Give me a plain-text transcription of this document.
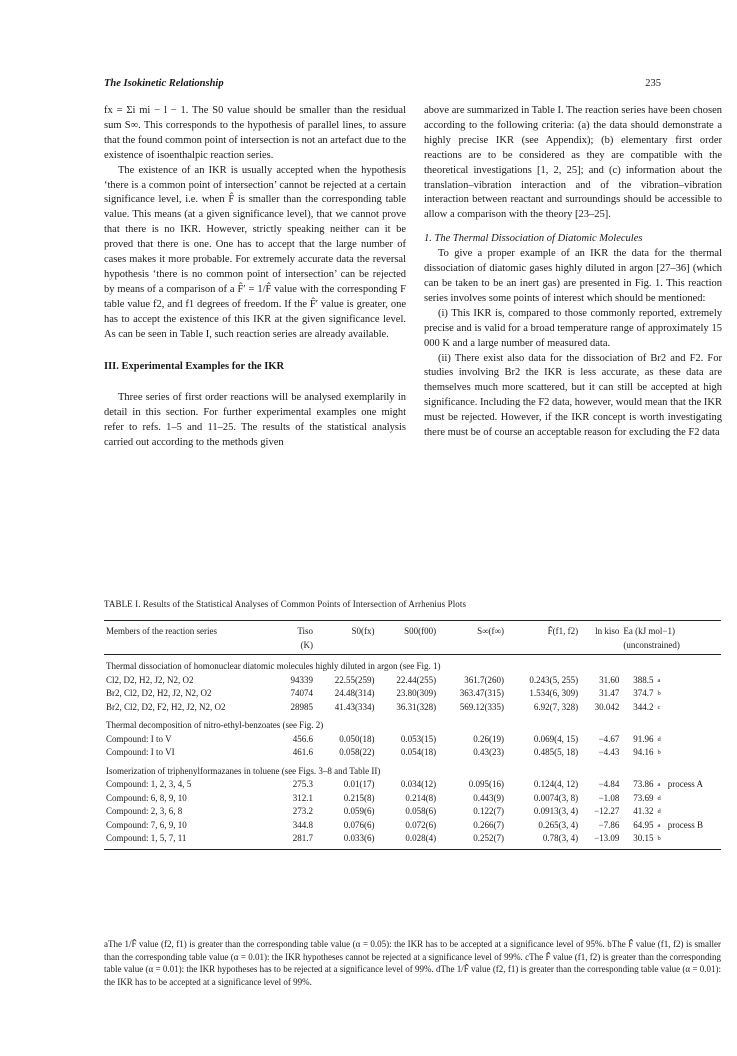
The Isokinetic Relationship	235

fx = Σi mi − l − 1. The S0 value should be smaller than the residual sum S∞. This corresponds to the hypothesis of parallel lines, to assure that the found common point of intersection is not an artefact due to the existence of isoenthalpic reaction series.

The existence of an IKR is usually accepted when the hypothesis ‘there is a common point of intersection’ cannot be rejected at a certain significance level, i.e. when F̂ is smaller than the corresponding table value. This means (at a given significance level), that we cannot prove that there is no IKR. However, strictly speaking neither can it be proved that there is one. One has to accept that the large number of cases makes it more probable. For extremely accurate data the reversal hypothesis ‘there is no common point of intersection’ can be rejected by means of a comparison of a F̂′ = 1/F̂ value with the corresponding F table value f2, and f1 degrees of freedom. If the F̂′ value is greater, one has to accept the existence of this IKR at the given significance level. As can be seen in Table I, such reaction series are already available.

III. Experimental Examples for the IKR

Three series of first order reactions will be analysed exemplarily in detail in this section. For further experimental examples one might refer to refs. 1–5 and 11–25. The results of the statistical analysis carried out according to the methods given

above are summarized in Table I. The reaction series have been chosen according to the following criteria: (a) the data should demonstrate a highly precise IKR (see Appendix); (b) elementary first order reactions are to be considered as they are compatible with the theoretical investigations [1, 2, 25]; and (c) information about the translation–vibration interaction and of the vibration–vibration interaction between reactant and surroundings should be accessible to allow a comparison with the theory [23–25].

1. The Thermal Dissociation of Diatomic Molecules

To give a proper example of an IKR the data for the thermal dissociation of diatomic gases highly diluted in argon [27–36] (which can be taken to be an inert gas) are presented in Fig. 1. This reaction series involves some points of interest which should be mentioned:

(i) This IKR is, compared to those commonly reported, extremely precise and is valid for a broad temperature range of approximately 15 000 K and a large number of measured data.

(ii) There exist also data for the dissociation of Br2 and F2. For studies involving Br2 the IKR is less accurate, as these data are themselves much more scattered, but it can still be accepted at high significance. Including the F2 data, however, would mean that the IKR must be rejected. However, if the IKR concept is worth investigating there must be of course an acceptable reason for excluding the F2 data

TABLE I. Results of the Statistical Analyses of Common Points of Intersection of Arrhenius Plots
Members of the reaction series	Tiso	S0(fx)	S00(f00)	S∞(f∞)	F̂(f1, f2)	ln kiso	Ea (kJ mol−1)		
	(K)						(unconstrained)		
Thermal dissociation of homonuclear diatomic molecules highly diluted in argon (see Fig. 1)									
Cl2, D2, H2, J2, N2, O2	94339	22.55(259)	22.44(255)	361.7(260)	0.243(5, 255)	31.60	388.5	a	
Br2, Cl2, D2, H2, J2, N2, O2	74074	24.48(314)	23.80(309)	363.47(315)	1.534(6, 309)	31.47	374.7	b	
Br2, Cl2, D2, F2, H2, J2, N2, O2	28985	41.43(334)	36.31(328)	569.12(335)	6.92(7, 328)	30.042	344.2	c	
Thermal decomposition of nitro-ethyl-benzoates (see Fig. 2)									
Compound: I to V	456.6	0.050(18)	0.053(15)	0.26(19)	0.069(4, 15)	−4.67	91.96	d	
Compound: I to VI	461.6	0.058(22)	0.054(18)	0.43(23)	0.485(5, 18)	−4.43	94.16	b	
Isomerization of triphenylformazanes in toluene (see Figs. 3–8 and Table II)									
Compound: 1, 2, 3, 4, 5	275.3	0.01(17)	0.034(12)	0.095(16)	0.124(4, 12)	−4.84	73.86	a	process A
Compound: 6, 8, 9, 10	312.1	0.215(8)	0.214(8)	0.443(9)	0.0074(3, 8)	−1.08	73.69	d	
Compound: 2, 3, 6, 8	273.2	0.059(6)	0.058(6)	0.122(7)	0.0913(3, 4)	−12.27	41.32	d	
Compound: 7, 6, 9, 10	344.8	0.076(6)	0.072(6)	0.266(7)	0.265(3, 4)	−7.86	64.95	a	process B
Compound: 1, 5, 7, 11	281.7	0.033(6)	0.028(4)	0.252(7)	0.78(3, 4)	−13.09	30.15	b	
aThe 1/F̂ value (f2, f1) is greater than the corresponding table value (α = 0.05): the IKR has to be accepted at a significance level of 95%. bThe F̂ value (f1, f2) is smaller than the corresponding table value (α = 0.01): the IKR hypotheses cannot be rejected at a significance level of 99%. cThe F̂ value (f1, f2) is greater than the corresponding table value (α = 0.01): the IKR hypotheses has to be rejected at a significance level of 99%. dThe 1/F̂ value (f2, f1) is greater than the corresponding table value (α = 0.01): the IKR has to be accepted at a significance level of 99%.
